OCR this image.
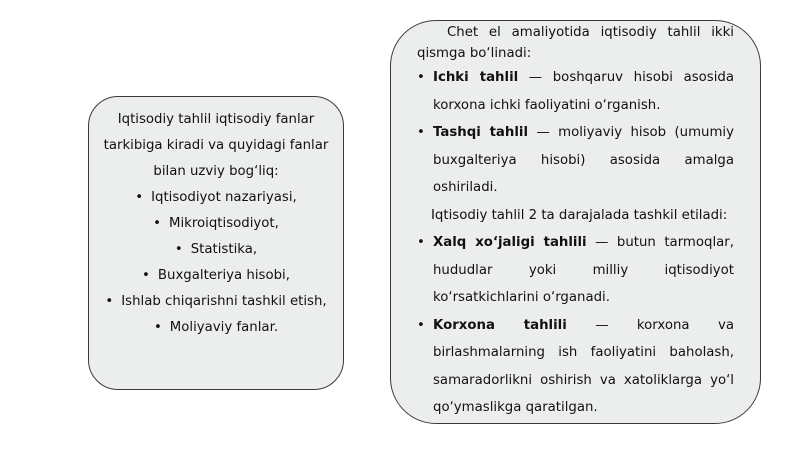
Iqtisodiy tahlil iqtisodiy fanlar tarkibiga kiradi va quyidagi fanlar bilan uzviy bog‘liq:
• Iqtisodiyot nazariyasi,
• Mikroiqtisodiyot,
• Statistika,
• Buxgalteriya hisobi,
• Ishlab chiqarishni tashkil etish,
• Moliyaviy fanlar.

Chet el amaliyotida iqtisodiy tahlil ikki qismga bo‘linadi:

• Ichki tahlil — boshqaruv hisobi asosida korxona ichki faoliyatini o‘rganish.
• Tashqi tahlil — moliyaviy hisob (umumiy buxgalteriya hisobi) asosida amalga oshiriladi.

Iqtisodiy tahlil 2 ta darajalada tashkil etiladi:

• Xalq xo‘jaligi tahlili — butun tarmoqlar, hududlar yoki milliy iqtisodiyot ko‘rsatkichlarini o‘rganadi.
• Korxona tahlili — korxona va birlashmalarning ish faoliyatini baholash, samaradorlikni oshirish va xatoliklarga yo‘l qo‘ymaslikga qaratilgan.
